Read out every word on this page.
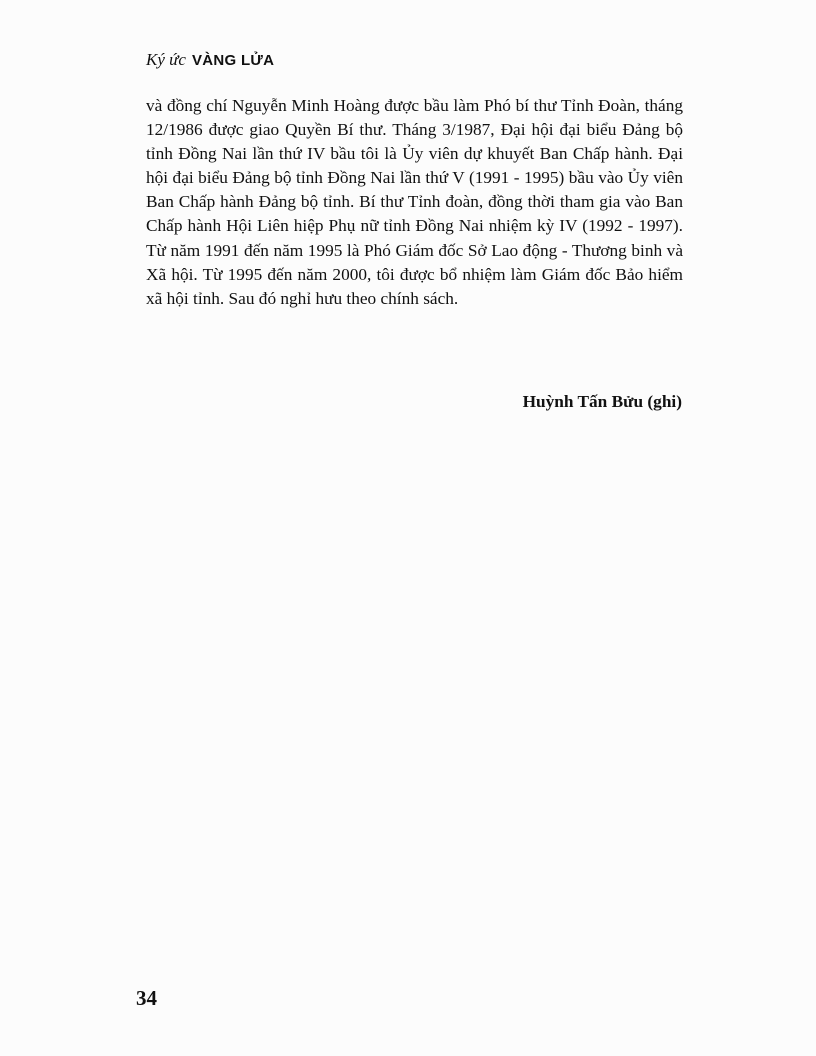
Ký ức VÀNG LỬA

và đồng chí Nguyễn Minh Hoàng được bầu làm Phó bí thư Tỉnh Đoàn, tháng 12/1986 được giao Quyền Bí thư. Tháng 3/1987, Đại hội đại biểu Đảng bộ tỉnh Đồng Nai lần thứ IV bầu tôi là Ủy viên dự khuyết Ban Chấp hành. Đại hội đại biểu Đảng bộ tỉnh Đồng Nai lần thứ V (1991 - 1995) bầu vào Ủy viên Ban Chấp hành Đảng bộ tỉnh. Bí thư Tỉnh đoàn, đồng thời tham gia vào Ban Chấp hành Hội Liên hiệp Phụ nữ tỉnh Đồng Nai nhiệm kỳ IV (1992 - 1997). Từ năm 1991 đến năm 1995 là Phó Giám đốc Sở Lao động - Thương binh và Xã hội. Từ 1995 đến năm 2000, tôi được bổ nhiệm làm Giám đốc Bảo hiểm xã hội tỉnh. Sau đó nghỉ hưu theo chính sách.

Huỳnh Tấn Bửu (ghi)

34
